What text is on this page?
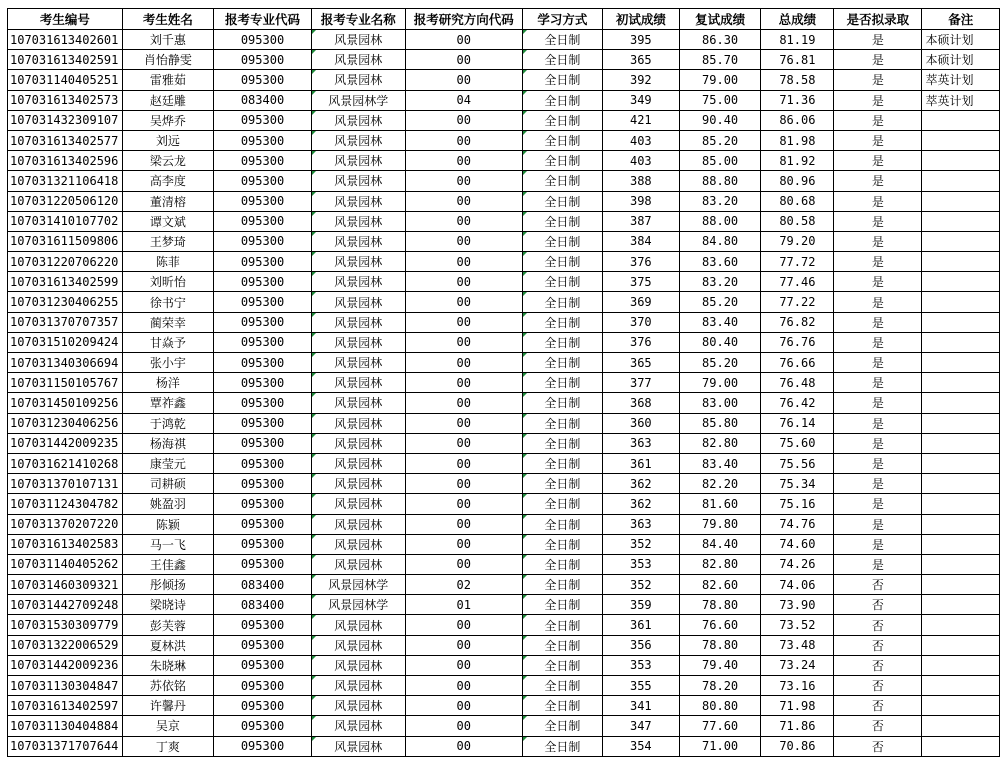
考生编号	考生姓名	报考专业代码	报考专业名称	报考研究方向代码	学习方式	初试成绩	复试成绩	总成绩	是否拟录取	备注
107031613402601	刘千惠	095300	风景园林	00	全日制	395	86.30	81.19	是	本硕计划
107031613402591	肖怡静雯	095300	风景园林	00	全日制	365	85.70	76.81	是	本硕计划
107031140405251	雷雅茹	095300	风景园林	00	全日制	392	79.00	78.58	是	萃英计划
107031613402573	赵廷雕	083400	风景园林学	04	全日制	349	75.00	71.36	是	萃英计划
107031432309107	吴烨乔	095300	风景园林	00	全日制	421	90.40	86.06	是	
107031613402577	刘远	095300	风景园林	00	全日制	403	85.20	81.98	是	
107031613402596	梁云龙	095300	风景园林	00	全日制	403	85.00	81.92	是	
107031321106418	高李度	095300	风景园林	00	全日制	388	88.80	80.96	是	
107031220506120	董清榕	095300	风景园林	00	全日制	398	83.20	80.68	是	
107031410107702	谭文斌	095300	风景园林	00	全日制	387	88.00	80.58	是	
107031611509806	王梦琦	095300	风景园林	00	全日制	384	84.80	79.20	是	
107031220706220	陈菲	095300	风景园林	00	全日制	376	83.60	77.72	是	
107031613402599	刘昕怡	095300	风景园林	00	全日制	375	83.20	77.46	是	
107031230406255	徐书宁	095300	风景园林	00	全日制	369	85.20	77.22	是	
107031370707357	蔺荣幸	095300	风景园林	00	全日制	370	83.40	76.82	是	
107031510209424	甘焱予	095300	风景园林	00	全日制	376	80.40	76.76	是	
107031340306694	张小宇	095300	风景园林	00	全日制	365	85.20	76.66	是	
107031150105767	杨洋	095300	风景园林	00	全日制	377	79.00	76.48	是	
107031450109256	覃祚鑫	095300	风景园林	00	全日制	368	83.00	76.42	是	
107031230406256	于鸿乾	095300	风景园林	00	全日制	360	85.80	76.14	是	
107031442009235	杨海祺	095300	风景园林	00	全日制	363	82.80	75.60	是	
107031621410268	康莹元	095300	风景园林	00	全日制	361	83.40	75.56	是	
107031370107131	司耕硕	095300	风景园林	00	全日制	362	82.20	75.34	是	
107031124304782	姚盈羽	095300	风景园林	00	全日制	362	81.60	75.16	是	
107031370207220	陈颖	095300	风景园林	00	全日制	363	79.80	74.76	是	
107031613402583	马一飞	095300	风景园林	00	全日制	352	84.40	74.60	是	
107031140405262	王佳鑫	095300	风景园林	00	全日制	353	82.80	74.26	是	
107031460309321	彤倾扬	083400	风景园林学	02	全日制	352	82.60	74.06	否	
107031442709248	梁晓诗	083400	风景园林学	01	全日制	359	78.80	73.90	否	
107031530309779	彭芙蓉	095300	风景园林	00	全日制	361	76.60	73.52	否	
107031322006529	夏林洪	095300	风景园林	00	全日制	356	78.80	73.48	否	
107031442009236	朱晓琳	095300	风景园林	00	全日制	353	79.40	73.24	否	
107031130304847	苏依铭	095300	风景园林	00	全日制	355	78.20	73.16	否	
107031613402597	许馨丹	095300	风景园林	00	全日制	341	80.80	71.98	否	
107031130404884	吴京	095300	风景园林	00	全日制	347	77.60	71.86	否	
107031371707644	丁爽	095300	风景园林	00	全日制	354	71.00	70.86	否	
